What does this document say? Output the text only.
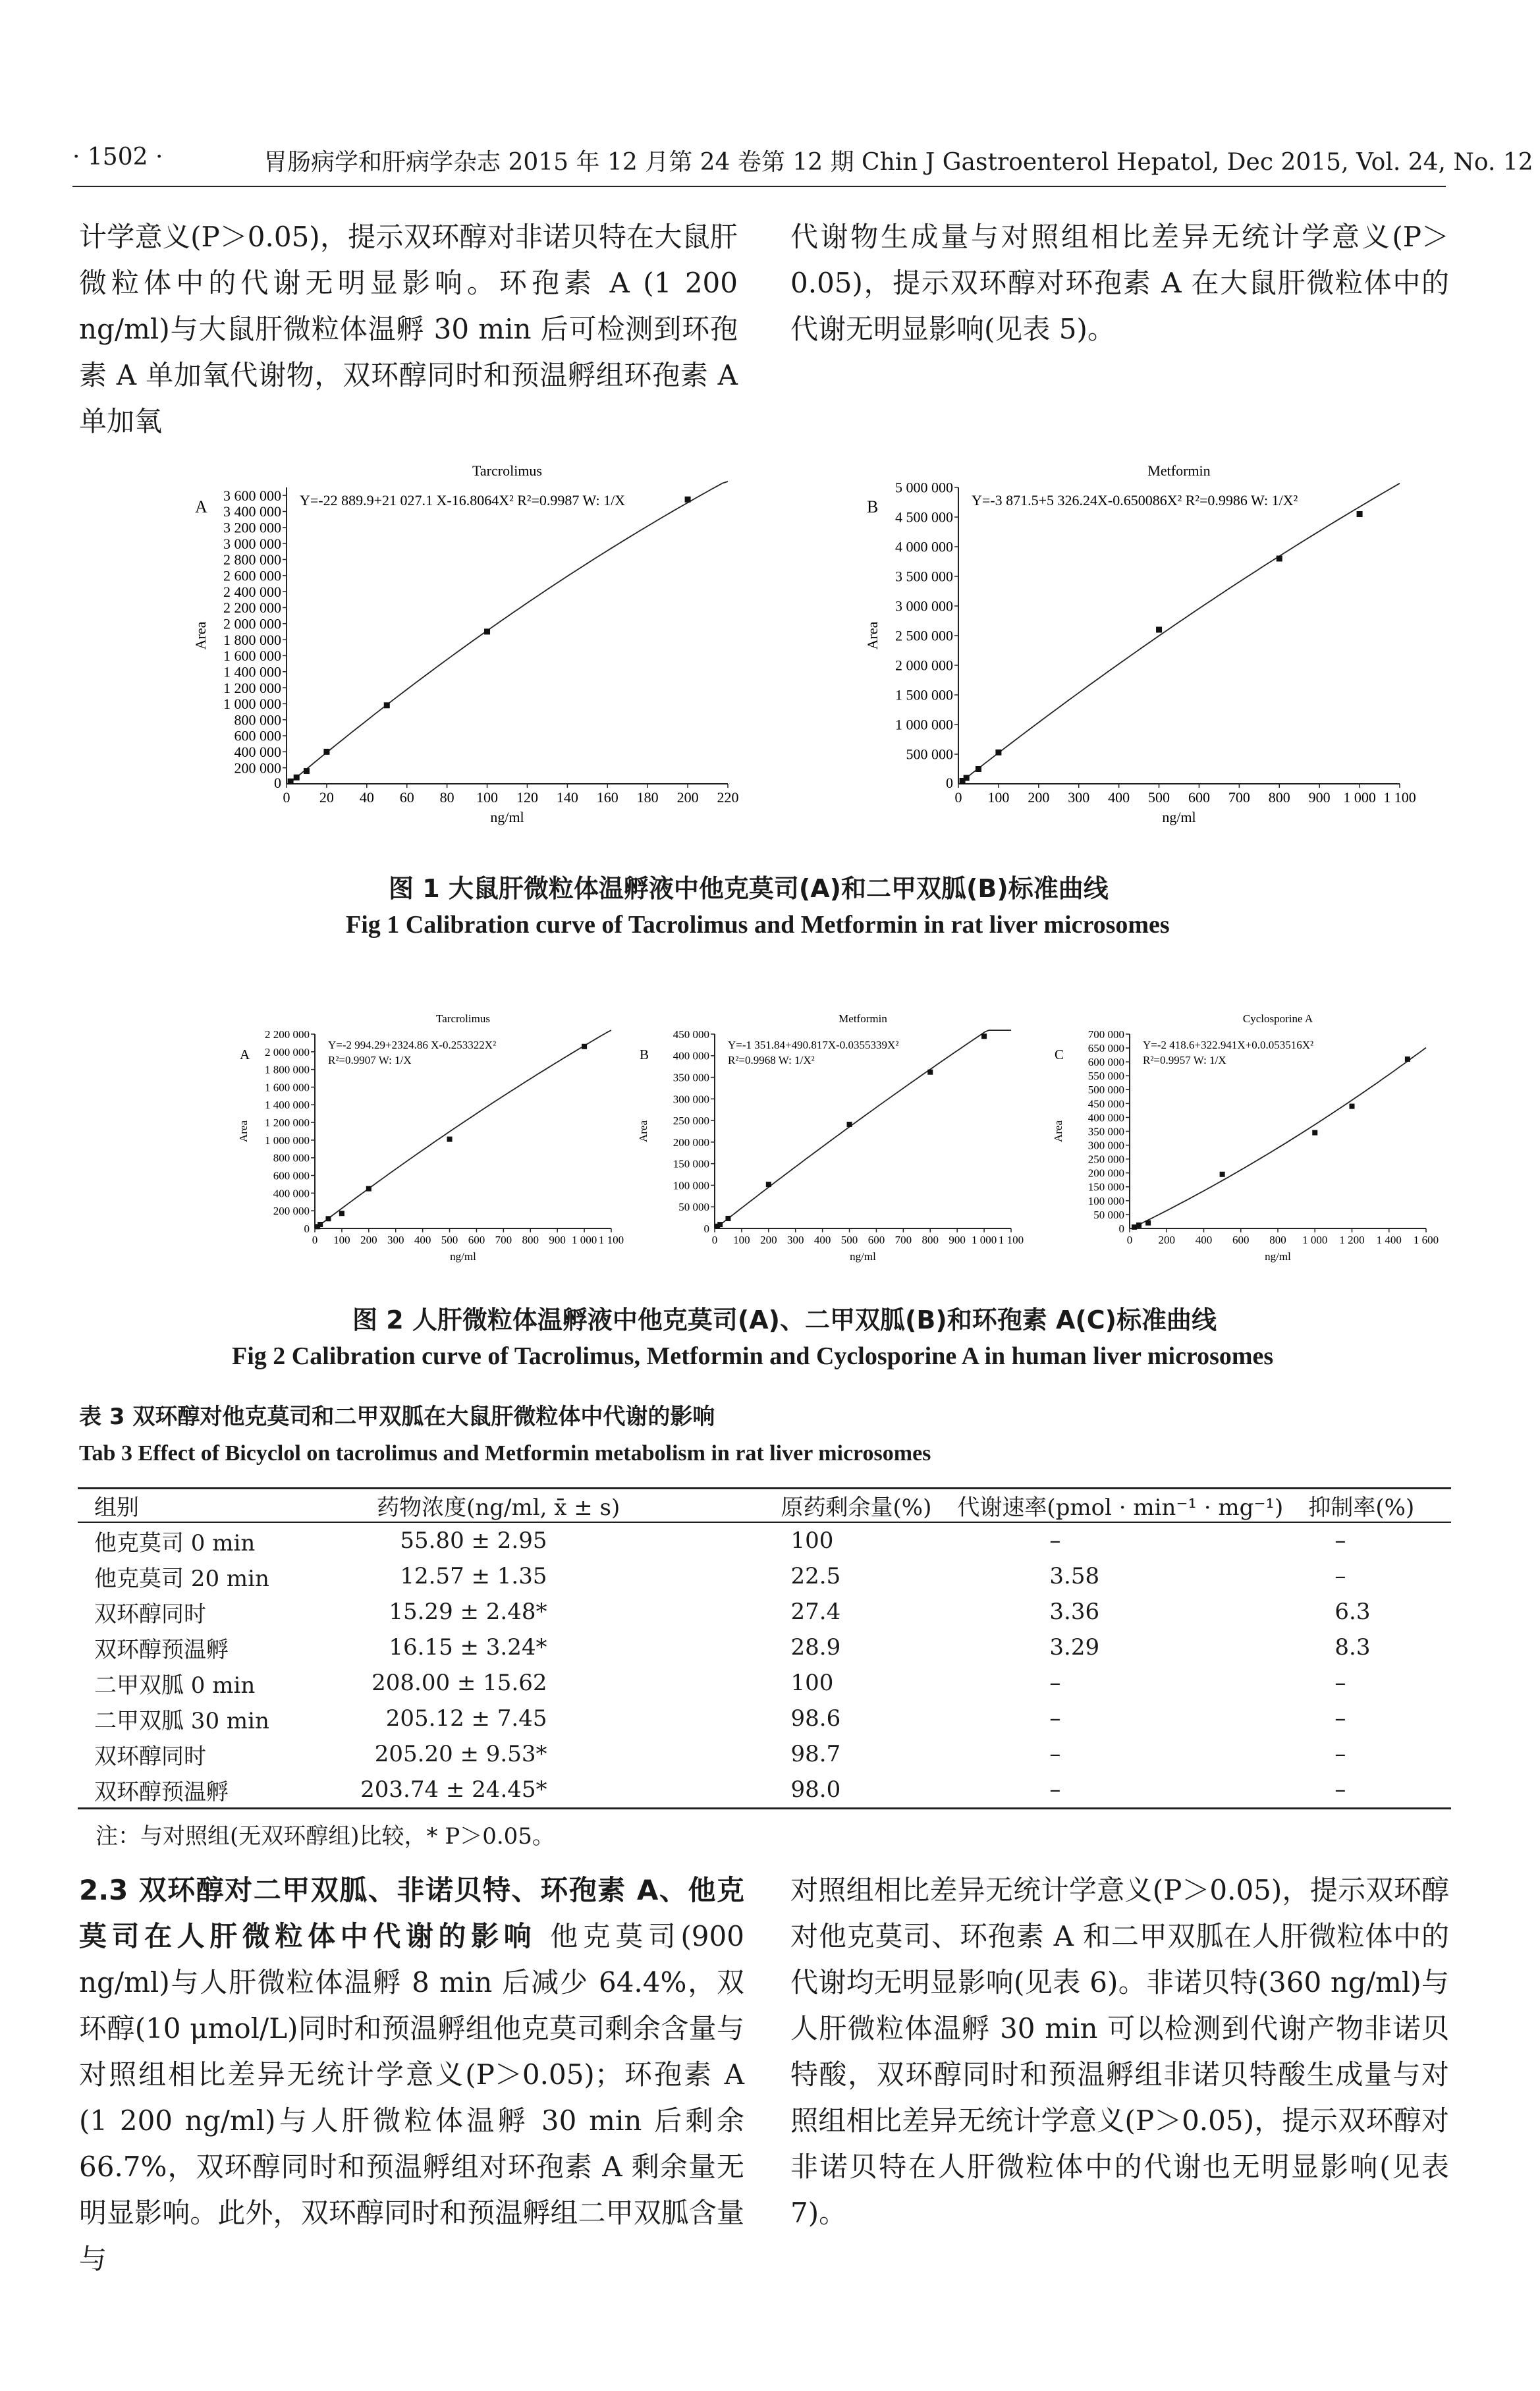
· 1502 ·	胃肠病学和肝病学杂志 2015 年 12 月第 24 卷第 12 期 Chin J Gastroenterol Hepatol, Dec 2015, Vol. 24, No. 12

计学意义(P＞0.05)，提示双环醇对非诺贝特在大鼠肝微粒体中的代谢无明显影响。环孢素 A (1 200 ng/ml)与大鼠肝微粒体温孵 30 min 后可检测到环孢素 A 单加氧代谢物，双环醇同时和预温孵组环孢素 A 单加氧

代谢物生成量与对照组相比差异无统计学意义(P＞0.05)，提示双环醇对环孢素 A 在大鼠肝微粒体中的代谢无明显影响(见表 5)。

Tarcrolimus
A
0 20 40 60 80 100 120 140 160 180 200 220
0
200 000
400 000
600 000
800 000
1 000 000
1 200 000
1 400 000
1 600 000
1 800 000
2 000 000
2 200 000
2 400 000
2 600 000
2 800 000
3 000 000
3 200 000
3 400 000
3 600 000
ng/ml
Area
Y=-22 889.9+21 027.1 X-16.8064X² R²=0.9987 W: 1/X
Metformin
B
0 100 200 300 400 500 600 700 800 900 1 000 1 100
0
500 000
1 000 000
1 500 000
2 000 000
2 500 000
3 000 000
3 500 000
4 000 000
4 500 000
5 000 000
ng/ml
Area
Y=-3 871.5+5 326.24X-0.650086X² R²=0.9986 W: 1/X²
图 1 大鼠肝微粒体温孵液中他克莫司(A)和二甲双胍(B)标准曲线
Fig 1 Calibration curve of Tacrolimus and Metformin in rat liver microsomes
Tarcrolimus
A
0 100 200 300 400 500 600 700 800 900 1 000 1 100
0
200 000
400 000
600 000
800 000
1 000 000
1 200 000
1 400 000
1 600 000
1 800 000
2 000 000
2 200 000
ng/ml
Area
Y=-2 994.29+2324.86 X-0.253322X²
R²=0.9907 W: 1/X
Metformin
B
0 100 200 300 400 500 600 700 800 900 1 000 1 100
0
50 000
100 000
150 000
200 000
250 000
300 000
350 000
400 000
450 000
ng/ml
Area
Y=-1 351.84+490.817X-0.0355339X²
R²=0.9968 W: 1/X²
Cyclosporine A
C
0 200 400 600 800 1 000 1 200 1 400 1 600
0
50 000
100 000
150 000
200 000
250 000
300 000
350 000
400 000
450 000
500 000
550 000
600 000
650 000
700 000
ng/ml
Area
Y=-2 418.6+322.941X+0.0.053516X²
R²=0.9957 W: 1/X
图 2 人肝微粒体温孵液中他克莫司(A)、二甲双胍(B)和环孢素 A(C)标准曲线
Fig 2 Calibration curve of Tacrolimus, Metformin and Cyclosporine A in human liver microsomes
表 3 双环醇对他克莫司和二甲双胍在大鼠肝微粒体中代谢的影响
Tab 3 Effect of Bicyclol on tacrolimus and Metformin metabolism in rat liver microsomes
组别	药物浓度(ng/ml, x̄ ± s)	原药剩余量(%)	代谢速率(pmol · min⁻¹ · mg⁻¹)	抑制率(%)
他克莫司 0 min	55.80 ± 2.95	100	–	–
他克莫司 20 min	12.57 ± 1.35	22.5	3.58	–
双环醇同时	15.29 ± 2.48*	27.4	3.36	6.3
双环醇预温孵	16.15 ± 3.24*	28.9	3.29	8.3
二甲双胍 0 min	208.00 ± 15.62	100	–	–
二甲双胍 30 min	205.12 ± 7.45	98.6	–	–
双环醇同时	205.20 ± 9.53*	98.7	–	–
双环醇预温孵	203.74 ± 24.45*	98.0	–	–
注：与对照组(无双环醇组)比较，* P＞0.05。

2.3 双环醇对二甲双胍、非诺贝特、环孢素 A、他克莫司在人肝微粒体中代谢的影响 他克莫司(900 ng/ml)与人肝微粒体温孵 8 min 后减少 64.4%，双环醇(10 μmol/L)同时和预温孵组他克莫司剩余含量与对照组相比差异无统计学意义(P＞0.05)；环孢素 A (1 200 ng/ml)与人肝微粒体温孵 30 min 后剩余 66.7%，双环醇同时和预温孵组对环孢素 A 剩余量无明显影响。此外，双环醇同时和预温孵组二甲双胍含量与

对照组相比差异无统计学意义(P＞0.05)，提示双环醇对他克莫司、环孢素 A 和二甲双胍在人肝微粒体中的代谢均无明显影响(见表 6)。非诺贝特(360 ng/ml)与人肝微粒体温孵 30 min 可以检测到代谢产物非诺贝特酸，双环醇同时和预温孵组非诺贝特酸生成量与对照组相比差异无统计学意义(P＞0.05)，提示双环醇对非诺贝特在人肝微粒体中的代谢也无明显影响(见表 7)。
